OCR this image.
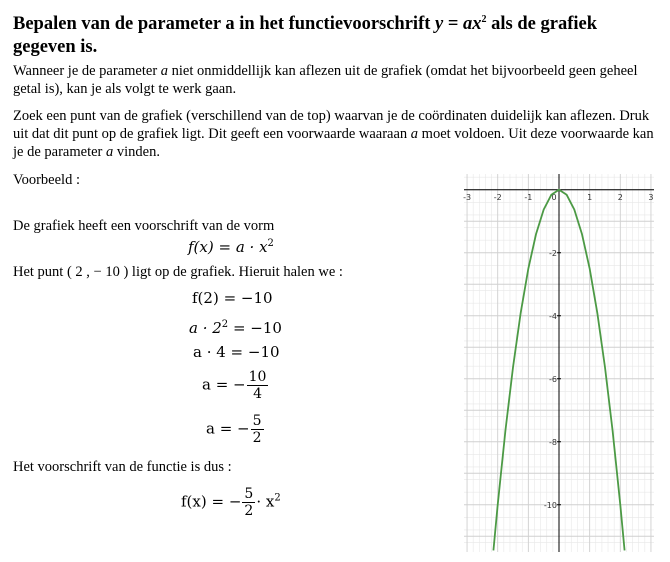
Bepalen van de parameter a in het functievoorschrift $y = ax^2$ als de grafiek gegeven is.
Wanneer je de parameter a niet onmiddellijk kan aflezen uit de grafiek (omdat het bijvoorbeeld geen geheel getal is), kan je als volgt te werk gaan.
Zoek een punt van de grafiek (verschillend van de top) waarvan je de coördinaten duidelijk kan aflezen. Druk uit dat dit punt op de grafiek ligt. Dit geeft een voorwaarde waaraan a moet voldoen. Uit deze voorwaarde kan je de parameter a vinden.
Voorbeeld :
De grafiek heeft een voorschrift van de vorm
$f(x) = a \cdot x^2$
Het punt ( 2 , − 10 ) ligt op de grafiek. Hieruit halen we :
f(2) = −10
$a \cdot 2^2 = -10$
a · 4 = −10
a = − $\frac{10}{4}$
a = − $\frac{5}{2}$
Het voorschrift van de functie is dus :
f(x) = − $\frac{5}{2} \cdot x^2$
-3	-2	-1 0	1	2	3
-2
-4
-6
-8
-10
